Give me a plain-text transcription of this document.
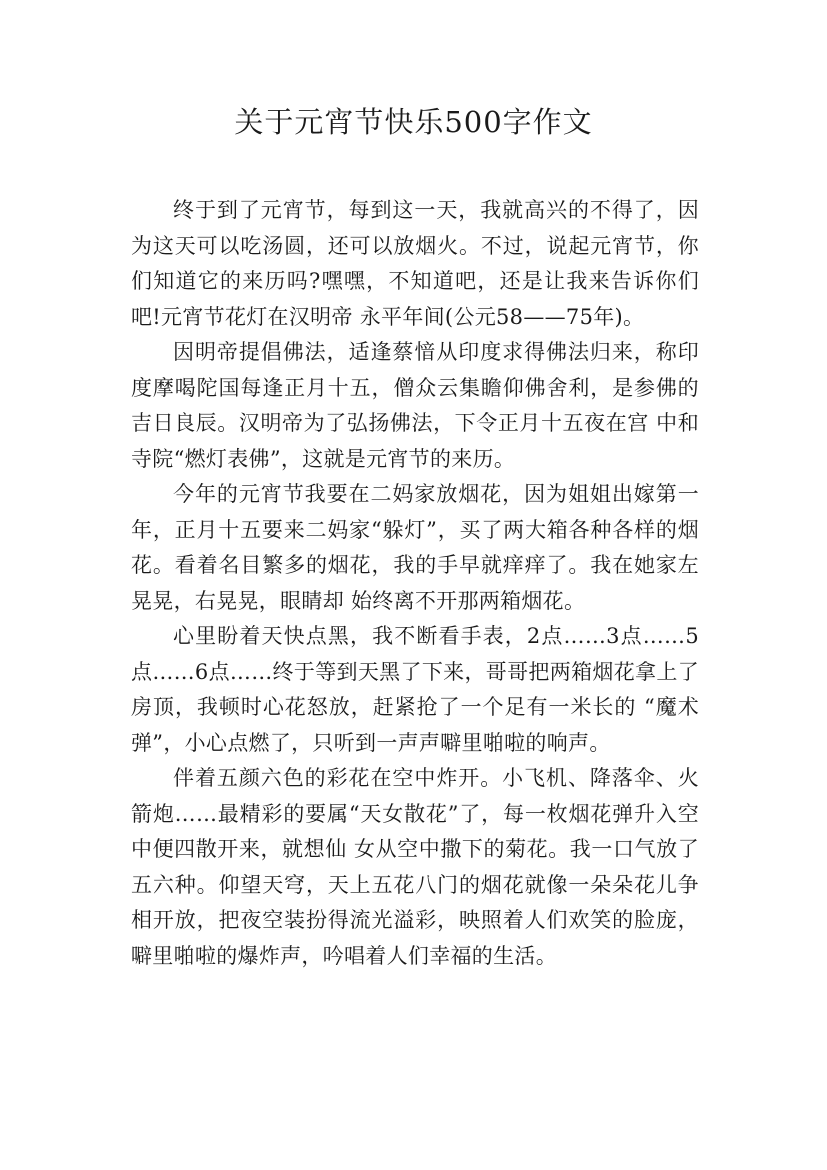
关于元宵节快乐500字作文

终于到了元宵节，每到这一天，我就高兴的不得了，因为这天可以吃汤圆，还可以放烟火。不过，说起元宵节，你们知道它的来历吗?嘿嘿，不知道吧，还是让我来告诉你们吧!元宵节花灯在汉明帝 永平年间(公元58——75年)。

因明帝提倡佛法，适逢蔡愔从印度求得佛法归来，称印度摩喝陀国每逢正月十五，僧众云集瞻仰佛舍利，是参佛的吉日良辰。汉明帝为了弘扬佛法，下令正月十五夜在宫 中和寺院“燃灯表佛”，这就是元宵节的来历。

今年的元宵节我要在二妈家放烟花，因为姐姐出嫁第一年，正月十五要来二妈家“躲灯”，买了两大箱各种各样的烟花。看着名目繁多的烟花，我的手早就痒痒了。我在她家左晃晃，右晃晃，眼睛却 始终离不开那两箱烟花。

心里盼着天快点黑，我不断看手表，2点……3点……5点……6点……终于等到天黑了下来，哥哥把两箱烟花拿上了房顶，我顿时心花怒放，赶紧抢了一个足有一米长的 “魔术弹”，小心点燃了，只听到一声声噼里啪啦的响声。

伴着五颜六色的彩花在空中炸开。小飞机、降落伞、火箭炮……最精彩的要属“天女散花”了，每一枚烟花弹升入空中便四散开来，就想仙 女从空中撒下的菊花。我一口气放了五六种。仰望天穹，天上五花八门的烟花就像一朵朵花儿争相开放，把夜空装扮得流光溢彩，映照着人们欢笑的脸庞，噼里啪啦的爆炸声，吟唱着人们幸福的生活。
